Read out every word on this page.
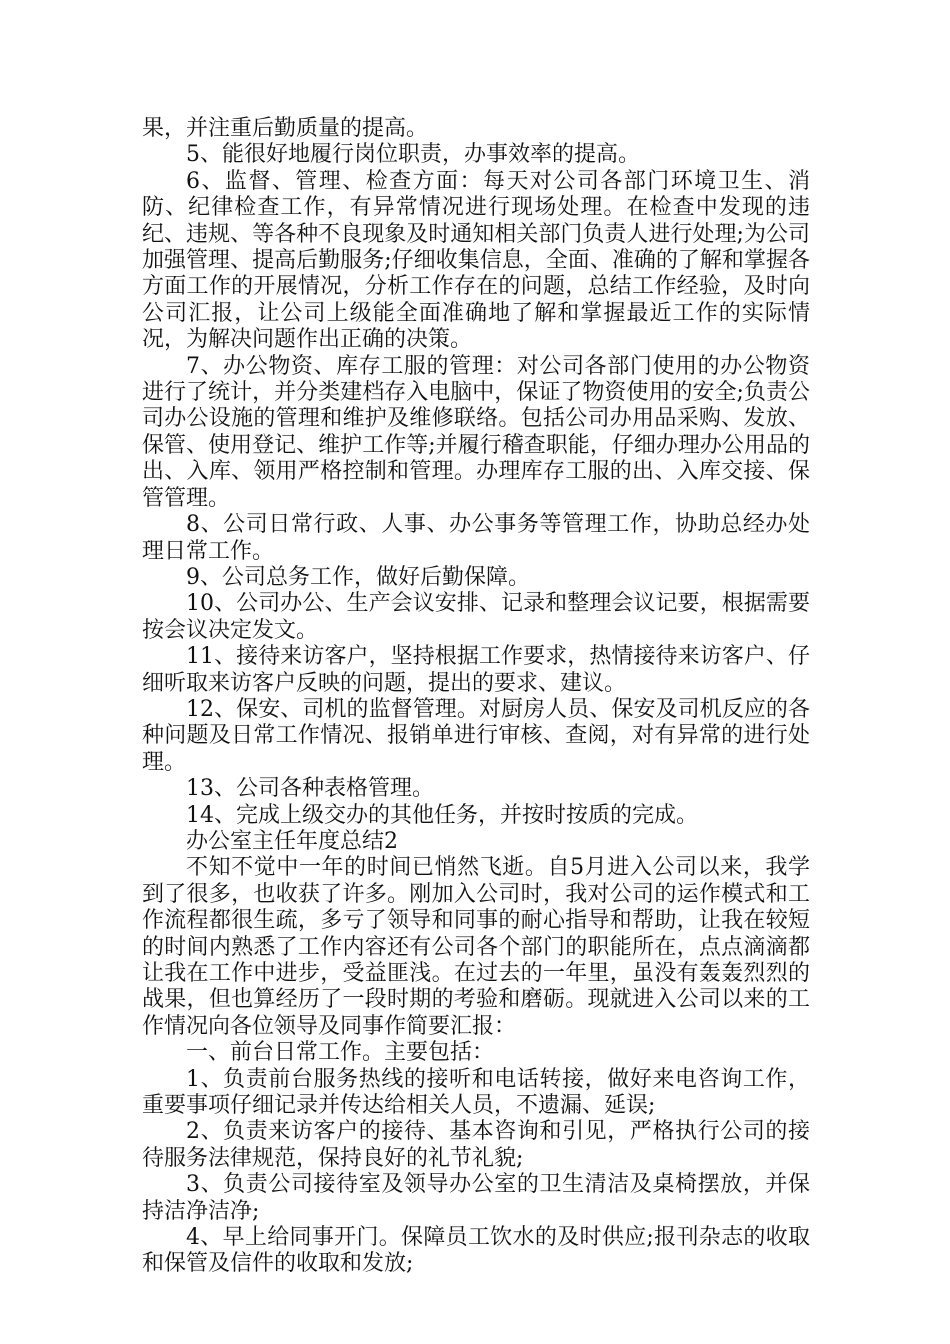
果，并注重后勤质量的提高。

5、能很好地履行岗位职责，办事效率的提高。

6、监督、管理、检查方面：每天对公司各部门环境卫生、消防、纪律检查工作，有异常情况进行现场处理。在检查中发现的违纪、违规、等各种不良现象及时通知相关部门负责人进行处理;为公司加强管理、提高后勤服务;仔细收集信息，全面、准确的了解和掌握各方面工作的开展情况，分析工作存在的问题，总结工作经验，及时向公司汇报，让公司上级能全面准确地了解和掌握最近工作的实际情况，为解决问题作出正确的决策。

7、办公物资、库存工服的管理：对公司各部门使用的办公物资进行了统计，并分类建档存入电脑中，保证了物资使用的安全;负责公司办公设施的管理和维护及维修联络。包括公司办用品采购、发放、保管、使用登记、维护工作等;并履行稽查职能，仔细办理办公用品的出、入库、领用严格控制和管理。办理库存工服的出、入库交接、保管管理。

8、公司日常行政、人事、办公事务等管理工作，协助总经办处理日常工作。

9、公司总务工作，做好后勤保障。

10、公司办公、生产会议安排、记录和整理会议记要，根据需要按会议决定发文。

11、接待来访客户，坚持根据工作要求，热情接待来访客户、仔细听取来访客户反映的问题，提出的要求、建议。

12、保安、司机的监督管理。对厨房人员、保安及司机反应的各种问题及日常工作情况、报销单进行审核、查阅，对有异常的进行处理。

13、公司各种表格管理。

14、完成上级交办的其他任务，并按时按质的完成。

办公室主任年度总结2

不知不觉中一年的时间已悄然飞逝。自5月进入公司以来，我学到了很多，也收获了许多。刚加入公司时，我对公司的运作模式和工作流程都很生疏，多亏了领导和同事的耐心指导和帮助，让我在较短的时间内熟悉了工作内容还有公司各个部门的职能所在，点点滴滴都让我在工作中进步，受益匪浅。在过去的一年里，虽没有轰轰烈烈的战果，但也算经历了一段时期的考验和磨砺。现就进入公司以来的工作情况向各位领导及同事作简要汇报：

一、前台日常工作。主要包括：

1、负责前台服务热线的接听和电话转接，做好来电咨询工作，重要事项仔细记录并传达给相关人员，不遗漏、延误;

2、负责来访客户的接待、基本咨询和引见，严格执行公司的接待服务法律规范，保持良好的礼节礼貌;

3、负责公司接待室及领导办公室的卫生清洁及桌椅摆放，并保持洁净洁净;

4、早上给同事开门。保障员工饮水的及时供应;报刊杂志的收取和保管及信件的收取和发放;
